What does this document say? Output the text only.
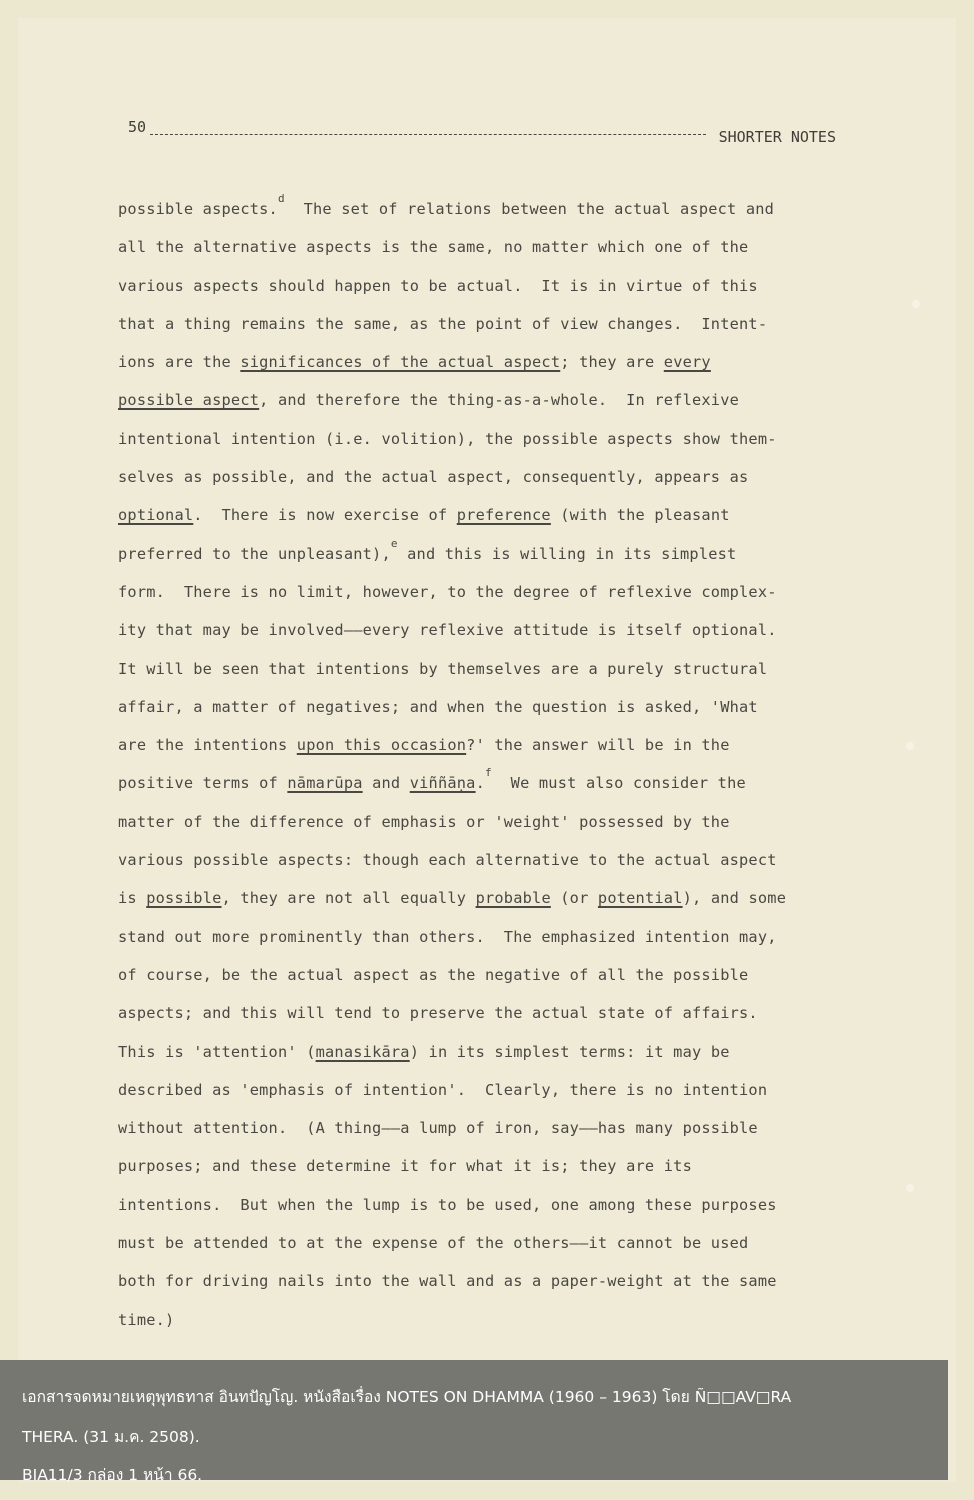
50
SHORTER NOTES
possible aspects.$^d$  The set of relations between the actual aspect and
all the alternative aspects is the same, no matter which one of the
various aspects should happen to be actual.  It is in virtue of this
that a thing remains the same, as the point of view changes.  Intent-
ions are the significances of the actual aspect; they are every
possible aspect, and therefore the thing-as-a-whole.  In reflexive
intentional intention (i.e. volition), the possible aspects show them-
selves as possible, and the actual aspect, consequently, appears as
optional.  There is now exercise of preference (with the pleasant
preferred to the unpleasant),$^e$ and this is willing in its simplest
form.  There is no limit, however, to the degree of reflexive complex-
ity that may be involved——every reflexive attitude is itself optional.
It will be seen that intentions by themselves are a purely structural
affair, a matter of negatives; and when the question is asked, 'What
are the intentions upon this occasion?' the answer will be in the
positive terms of nāmarūpa and viññāṇa.$^f$  We must also consider the
matter of the difference of emphasis or 'weight' possessed by the
various possible aspects: though each alternative to the actual aspect
is possible, they are not all equally probable (or potential), and some
stand out more prominently than others.  The emphasized intention may,
of course, be the actual aspect as the negative of all the possible
aspects; and this will tend to preserve the actual state of affairs.
This is 'attention' (manasikāra) in its simplest terms: it may be
described as 'emphasis of intention'.  Clearly, there is no intention
without attention.  (A thing——a lump of iron, say——has many possible
purposes; and these determine it for what it is; they are its
intentions.  But when the lump is to be used, one among these purposes
must be attended to at the expense of the others——it cannot be used
both for driving nails into the wall and as a paper-weight at the same
time.)
เอกสารจดหมายเหตุพุทธทาส อินทปัญโญ. หนังสือเรื่อง NOTES ON DHAMMA (1960 – 1963) โดย Ñ□□AV□RA
THERA. (31 ม.ค. 2508).
BIA11/3 กล่อง 1 หน้า 66.
